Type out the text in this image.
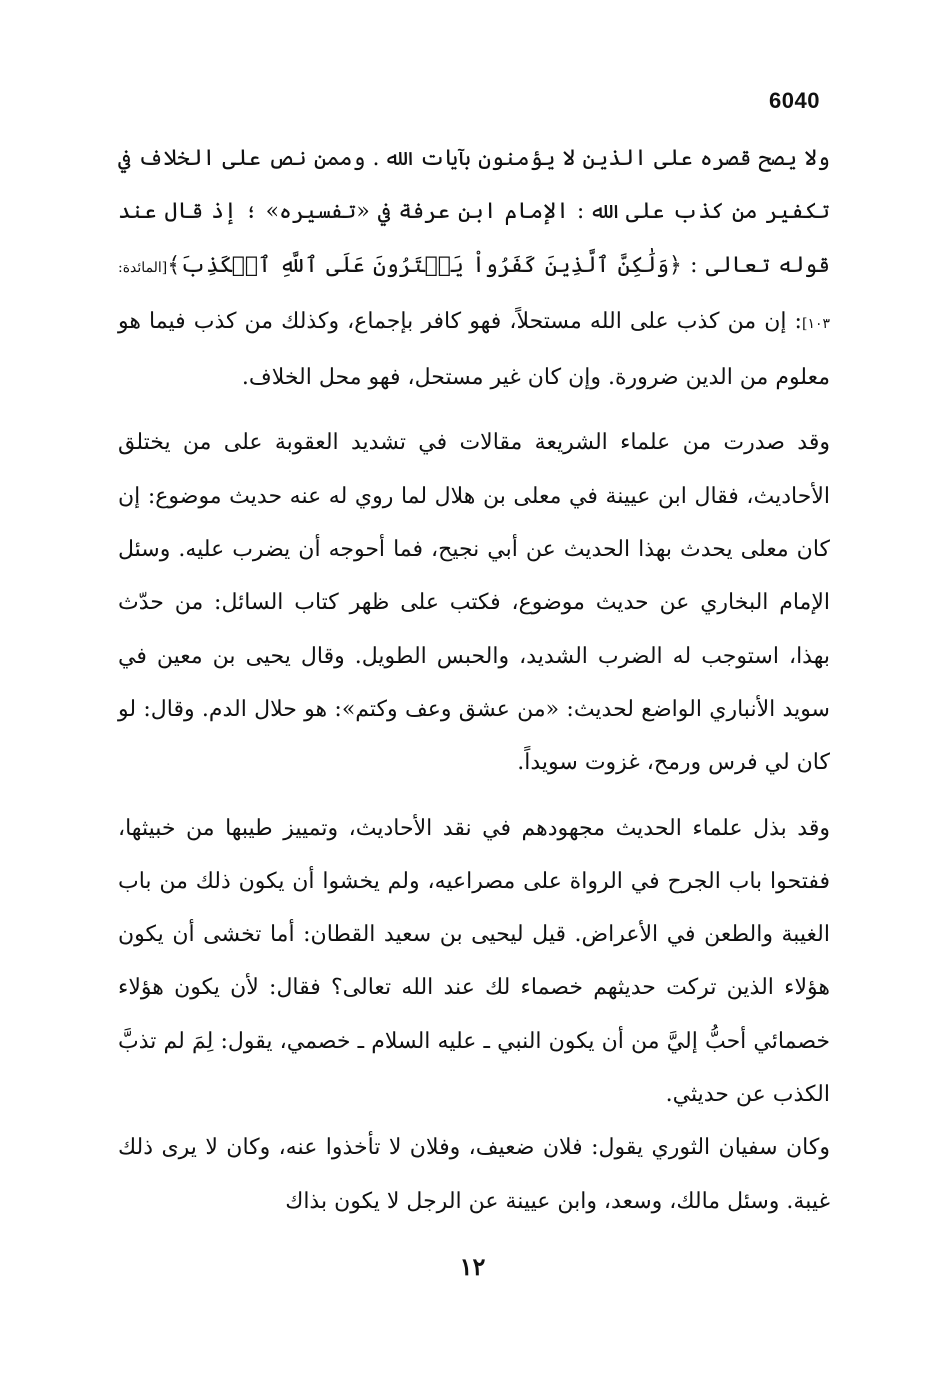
6040

ولا يصح قصره على الذين لا يؤمنون بآيات الله . وممن نص على الخلاف في تكفير من كذب على الله : الإمام ابن عرفة في «تفسيره» ؛ إذ قال عند قوله تعالى : ﴿وَلَٰكِنَّ ٱلَّذِينَ كَفَرُواْ يَفۡتَرُونَ عَلَى ٱللَّهِ ٱلۡكَذِبَ﴾[المائدة: ١٠٣]: إن من كذب على الله مستحلاً، فهو كافر بإجماع، وكذلك من كذب فيما هو معلوم من الدين ضرورة. وإن كان غير مستحل، فهو محل الخلاف.

وقد صدرت من علماء الشريعة مقالات في تشديد العقوبة على من يختلق الأحاديث، فقال ابن عيينة في معلى بن هلال لما روي له عنه حديث موضوع: إن كان معلى يحدث بهذا الحديث عن أبي نجيح، فما أحوجه أن يضرب عليه. وسئل الإمام البخاري عن حديث موضوع، فكتب على ظهر كتاب السائل: من حدّث بهذا، استوجب له الضرب الشديد، والحبس الطويل. وقال يحيى بن معين في سويد الأنباري الواضع لحديث: «من عشق وعف وكتم»: هو حلال الدم. وقال: لو كان لي فرس ورمح، غزوت سويداً.

وقد بذل علماء الحديث مجهودهم في نقد الأحاديث، وتمييز طيبها من خبيثها، ففتحوا باب الجرح في الرواة على مصراعيه، ولم يخشوا أن يكون ذلك من باب الغيبة والطعن في الأعراض. قيل ليحيى بن سعيد القطان: أما تخشى أن يكون هؤلاء الذين تركت حديثهم خصماء لك عند الله تعالى؟ فقال: لأن يكون هؤلاء خصمائي أحبُّ إليَّ من أن يكون النبي ـ عليه السلام ـ خصمي، يقول: لِمَ لم تذبَّ الكذب عن حديثي.

وكان سفيان الثوري يقول: فلان ضعيف، وفلان لا تأخذوا عنه، وكان لا يرى ذلك غيبة. وسئل مالك، وسعد، وابن عيينة عن الرجل لا يكون بذاك

١٢
